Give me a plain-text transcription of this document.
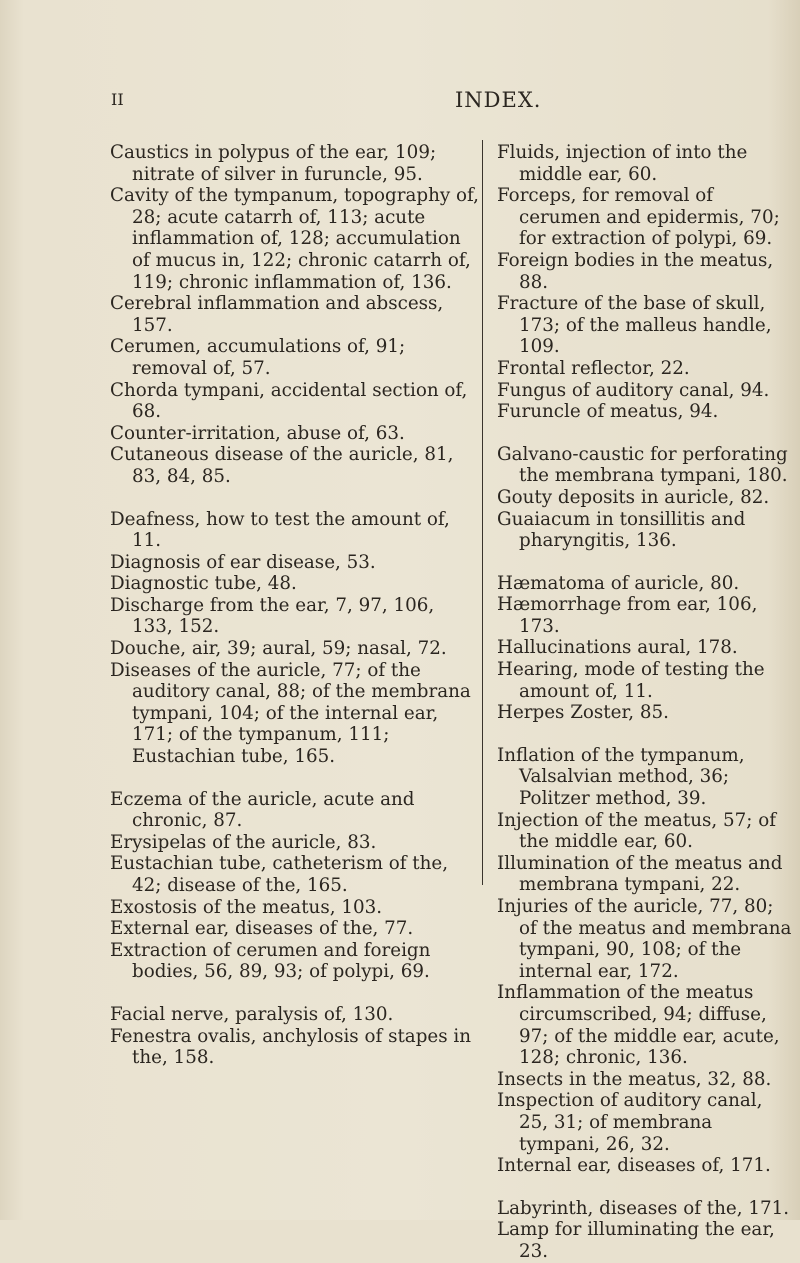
II	INDEX.

Caustics in polypus of the ear, 109; nitrate of silver in furuncle, 95.

Cavity of the tympanum, topography of, 28; acute catarrh of, 113; acute inflammation of, 128; accumulation of mucus in, 122; chronic catarrh of, 119; chronic inflammation of, 136.

Cerebral inflammation and abscess, 157.

Cerumen, accumulations of, 91; removal of, 57.

Chorda tympani, accidental section of, 68.

Counter-irritation, abuse of, 63.

Cutaneous disease of the auricle, 81, 83, 84, 85.

Deafness, how to test the amount of, 11.

Diagnosis of ear disease, 53.

Diagnostic tube, 48.

Discharge from the ear, 7, 97, 106, 133, 152.

Douche, air, 39; aural, 59; nasal, 72.

Diseases of the auricle, 77; of the auditory canal, 88; of the membrana tympani, 104; of the internal ear, 171; of the tympanum, 111; Eustachian tube, 165.

Eczema of the auricle, acute and chronic, 87.

Erysipelas of the auricle, 83.

Eustachian tube, catheterism of the, 42; disease of the, 165.

Exostosis of the meatus, 103.

External ear, diseases of the, 77.

Extraction of cerumen and foreign bodies, 56, 89, 93; of polypi, 69.

Facial nerve, paralysis of, 130.

Fenestra ovalis, anchylosis of stapes in the, 158.

Fluids, injection of into the middle ear, 60.

Forceps, for removal of cerumen and epidermis, 70; for extraction of polypi, 69.

Foreign bodies in the meatus, 88.

Fracture of the base of skull, 173; of the malleus handle, 109.

Frontal reflector, 22.

Fungus of auditory canal, 94.

Furuncle of meatus, 94.

Galvano-caustic for perforating the membrana tympani, 180.

Gouty deposits in auricle, 82.

Guaiacum in tonsillitis and pharyngitis, 136.

Hæmatoma of auricle, 80.

Hæmorrhage from ear, 106, 173.

Hallucinations aural, 178.

Hearing, mode of testing the amount of, 11.

Herpes Zoster, 85.

Inflation of the tympanum, Valsalvian method, 36; Politzer method, 39.

Injection of the meatus, 57; of the middle ear, 60.

Illumination of the meatus and membrana tympani, 22.

Injuries of the auricle, 77, 80; of the meatus and membrana tympani, 90, 108; of the internal ear, 172.

Inflammation of the meatus circumscribed, 94; diffuse, 97; of the middle ear, acute, 128; chronic, 136.

Insects in the meatus, 32, 88.

Inspection of auditory canal, 25, 31; of membrana tympani, 26, 32.

Internal ear, diseases of, 171.

Labyrinth, diseases of the, 171.

Lamp for illuminating the ear, 23.
